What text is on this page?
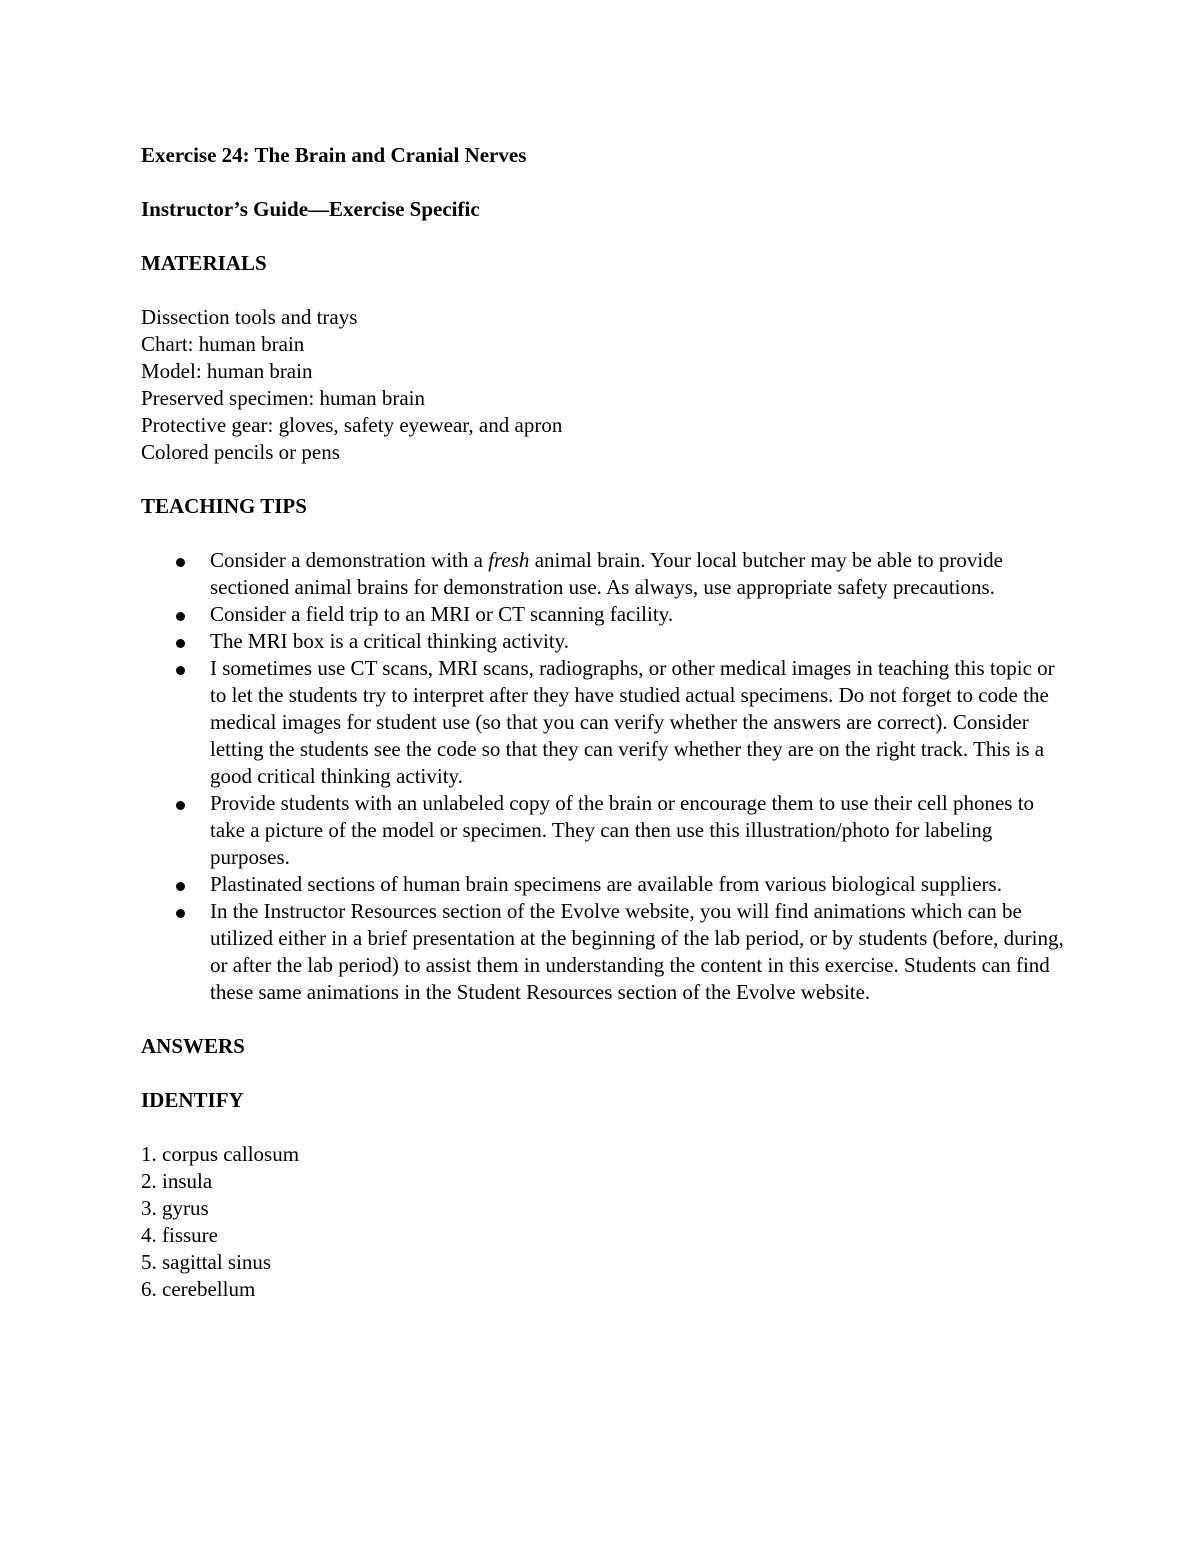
Exercise 24: The Brain and Cranial Nerves

Instructor’s Guide—Exercise Specific

MATERIALS

Dissection tools and trays

Chart: human brain

Model: human brain

Preserved specimen: human brain

Protective gear: gloves, safety eyewear, and apron

Colored pencils or pens

TEACHING TIPS

Consider a demonstration with a fresh animal brain. Your local butcher may be able to provide sectioned animal brains for demonstration use. As always, use appropriate safety precautions.
Consider a field trip to an MRI or CT scanning facility.
The MRI box is a critical thinking activity.
I sometimes use CT scans, MRI scans, radiographs, or other medical images in teaching this topic or to let the students try to interpret after they have studied actual specimens. Do not forget to code the medical images for student use (so that you can verify whether the answers are correct). Consider letting the students see the code so that they can verify whether they are on the right track. This is a good critical thinking activity.
Provide students with an unlabeled copy of the brain or encourage them to use their cell phones to take a picture of the model or specimen. They can then use this illustration/photo for labeling purposes.
Plastinated sections of human brain specimens are available from various biological suppliers.
In the Instructor Resources section of the Evolve website, you will find animations which can be utilized either in a brief presentation at the beginning of the lab period, or by students (before, during, or after the lab period) to assist them in understanding the content in this exercise. Students can find these same animations in the Student Resources section of the Evolve website.

ANSWERS

IDENTIFY

1. corpus callosum

2. insula

3. gyrus

4. fissure

5. sagittal sinus

6. cerebellum
